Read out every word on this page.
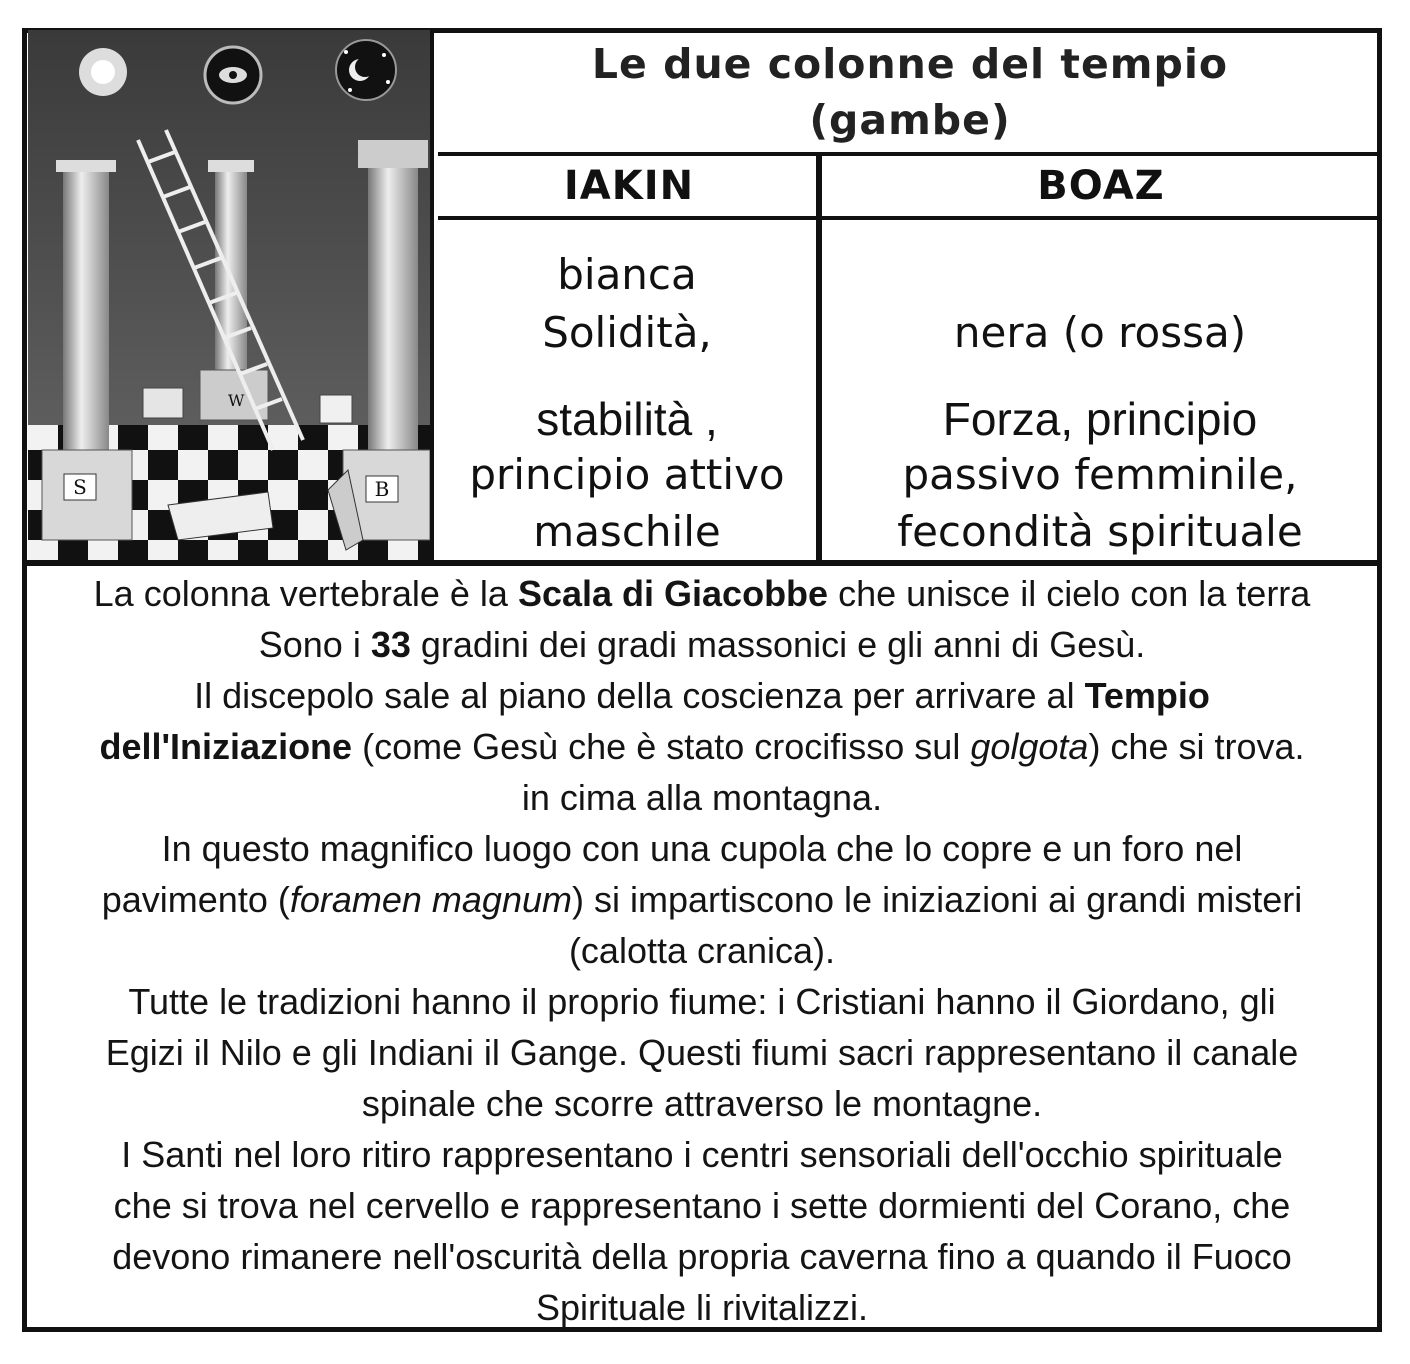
S
W
B
Le due colonne del tempio
(gambe)
IAKIN	BOAZ
bianca
Solidità,
stabilità ,
principio attivo
maschile
nera (o rossa)
Forza, principio
passivo femminile,
fecondità spirituale

La colonna vertebrale è la Scala di Giacobbe che unisce il cielo con la terra

Sono i 33 gradini dei gradi massonici e gli anni di Gesù.

Il discepolo sale al piano della coscienza per arrivare al Tempio

dell'Iniziazione (come Gesù che è stato crocifisso sul golgota) che si trova.

in cima alla montagna.

In questo magnifico luogo con una cupola che lo copre e un foro nel

pavimento (foramen magnum) si impartiscono le iniziazioni ai grandi misteri

(calotta cranica).

Tutte le tradizioni hanno il proprio fiume: i Cristiani hanno il Giordano, gli

Egizi il Nilo e gli Indiani il Gange. Questi fiumi sacri rappresentano il canale

spinale che scorre attraverso le montagne.

I Santi nel loro ritiro rappresentano i centri sensoriali dell'occhio spirituale

che si trova nel cervello e rappresentano i sette dormienti del Corano, che

devono rimanere nell'oscurità della propria caverna fino a quando il Fuoco

Spirituale li rivitalizzi.
